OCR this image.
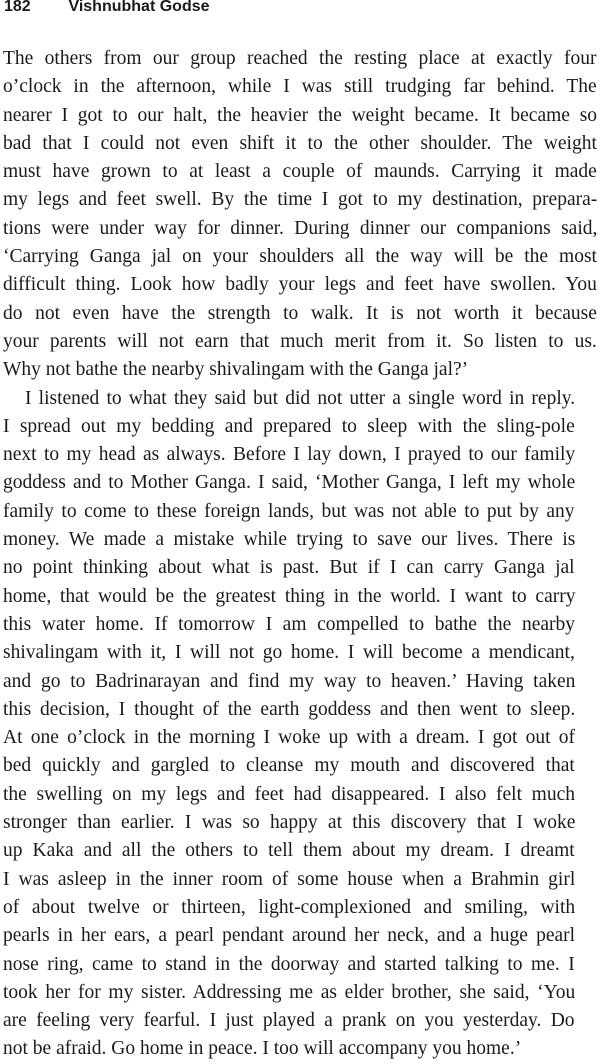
182 Vishnubhat Godse
The others from our group reached the resting place at exactly four
o’clock in the afternoon, while I was still trudging far behind. The
nearer I got to our halt, the heavier the weight became. It became so
bad that I could not even shift it to the other shoulder. The weight
must have grown to at least a couple of maunds. Carrying it made
my legs and feet swell. By the time I got to my destination, prepara-
tions were under way for dinner. During dinner our companions said,
‘Carrying Ganga jal on your shoulders all the way will be the most
difficult thing. Look how badly your legs and feet have swollen. You
do not even have the strength to walk. It is not worth it because
your parents will not earn that much merit from it. So listen to us.
Why not bathe the nearby shivalingam with the Ganga jal?’
I listened to what they said but did not utter a single word in reply.
I spread out my bedding and prepared to sleep with the sling-pole
next to my head as always. Before I lay down, I prayed to our family
goddess and to Mother Ganga. I said, ‘Mother Ganga, I left my whole
family to come to these foreign lands, but was not able to put by any
money. We made a mistake while trying to save our lives. There is
no point thinking about what is past. But if I can carry Ganga jal
home, that would be the greatest thing in the world. I want to carry
this water home. If tomorrow I am compelled to bathe the nearby
shivalingam with it, I will not go home. I will become a mendicant,
and go to Badrinarayan and find my way to heaven.’ Having taken
this decision, I thought of the earth goddess and then went to sleep.
At one o’clock in the morning I woke up with a dream. I got out of
bed quickly and gargled to cleanse my mouth and discovered that
the swelling on my legs and feet had disappeared. I also felt much
stronger than earlier. I was so happy at this discovery that I woke
up Kaka and all the others to tell them about my dream. I dreamt
I was asleep in the inner room of some house when a Brahmin girl
of about twelve or thirteen, light-complexioned and smiling, with
pearls in her ears, a pearl pendant around her neck, and a huge pearl
nose ring, came to stand in the doorway and started talking to me. I
took her for my sister. Addressing me as elder brother, she said, ‘You
are feeling very fearful. I just played a prank on you yesterday. Do
not be afraid. Go home in peace. I too will accompany you home.’
